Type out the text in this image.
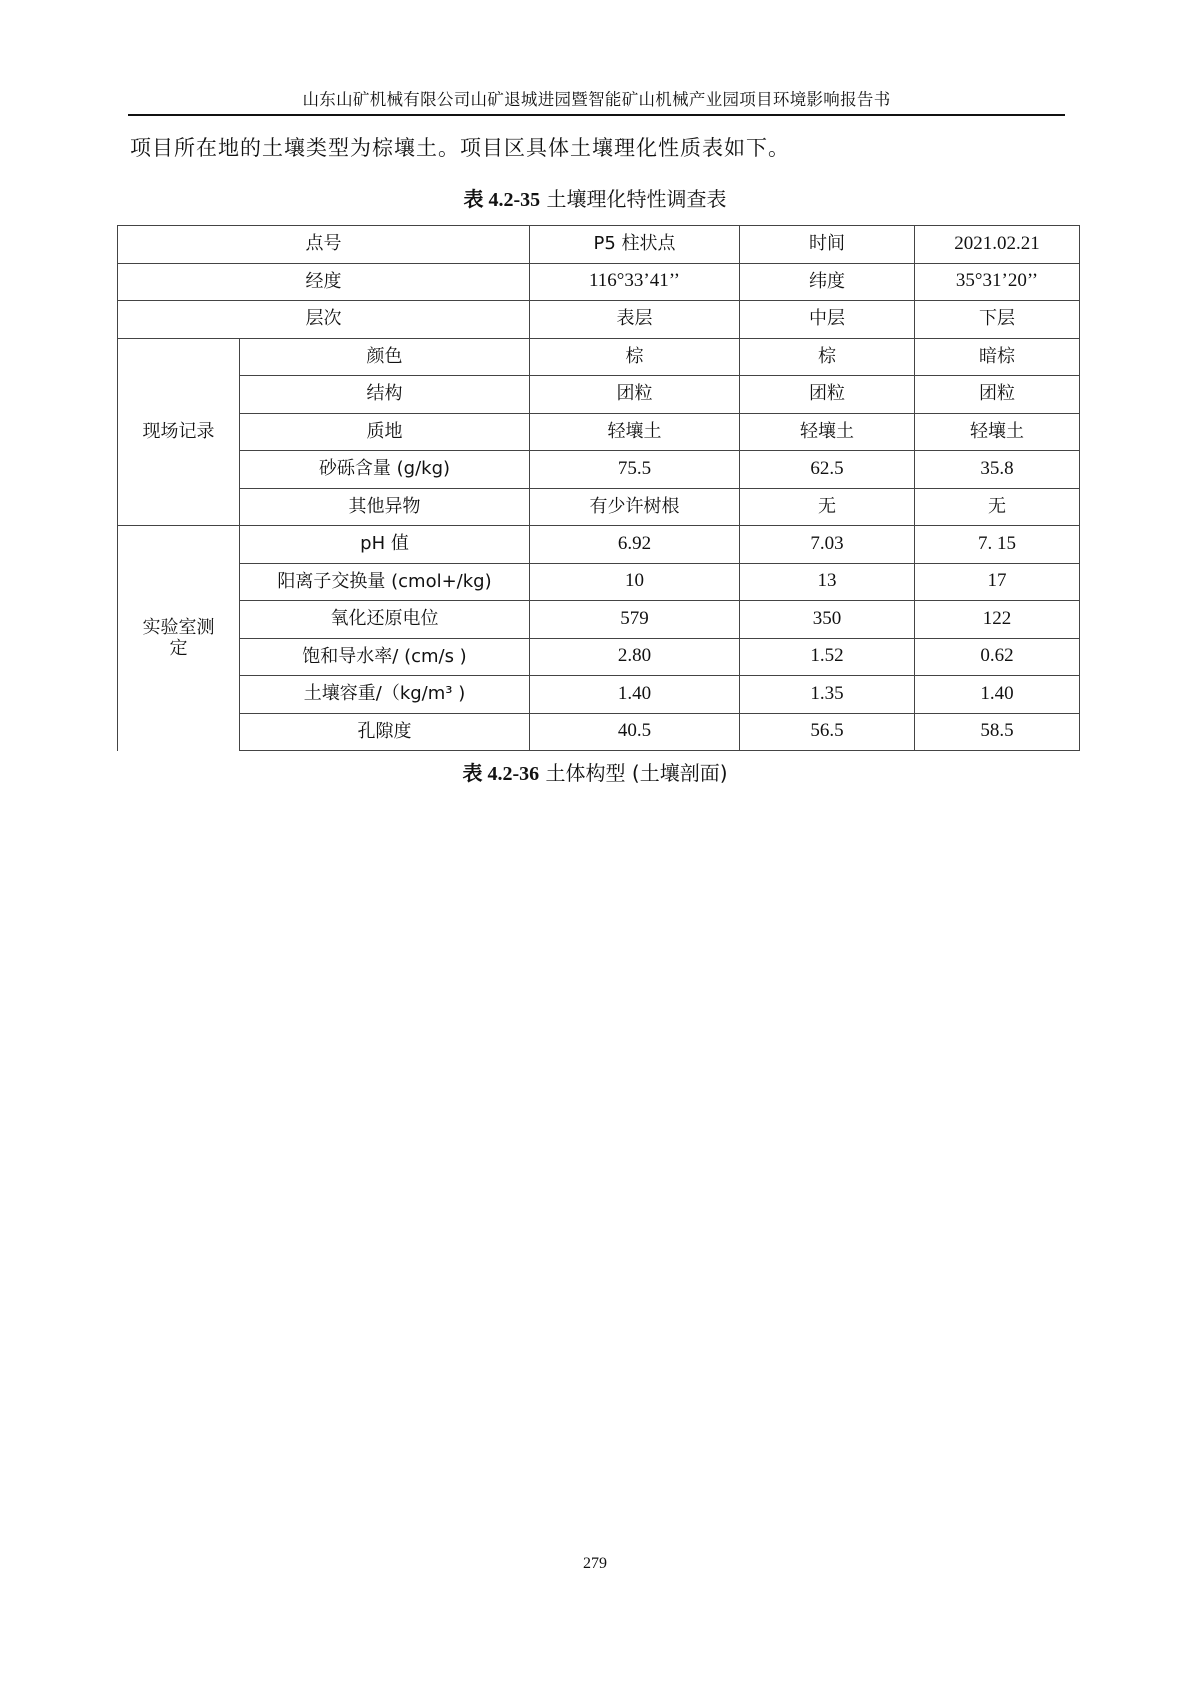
山东山矿机械有限公司山矿退城进园暨智能矿山机械产业园项目环境影响报告书
项目所在地的土壤类型为棕壤土。项目区具体土壤理化性质表如下。
表 4.2-35 土壤理化特性调查表
点号		P5 柱状点	时间	2021.02.21
经度		116°33’41’’	纬度	35°31’20’’
层次		表层	中层	下层
现场记录	颜色	棕	棕	暗棕
	结构	团粒	团粒	团粒
	质地	轻壤土	轻壤土	轻壤土
	砂砾含量 (g/kg)	75.5	62.5	35.8
	其他异物	有少许树根	无	无
实验室测定	pH 值	6.92	7.03	7. 15
	阳离子交换量 (cmol+/kg)	10	13	17
	氧化还原电位	579	350	122
	饱和导水率/ (cm/s )	2.80	1.52	0.62
	土壤容重/（kg/m³ )	1.40	1.35	1.40
	孔隙度	40.5	56.5	58.5
表 4.2-36 土体构型 (土壤剖面)
279
